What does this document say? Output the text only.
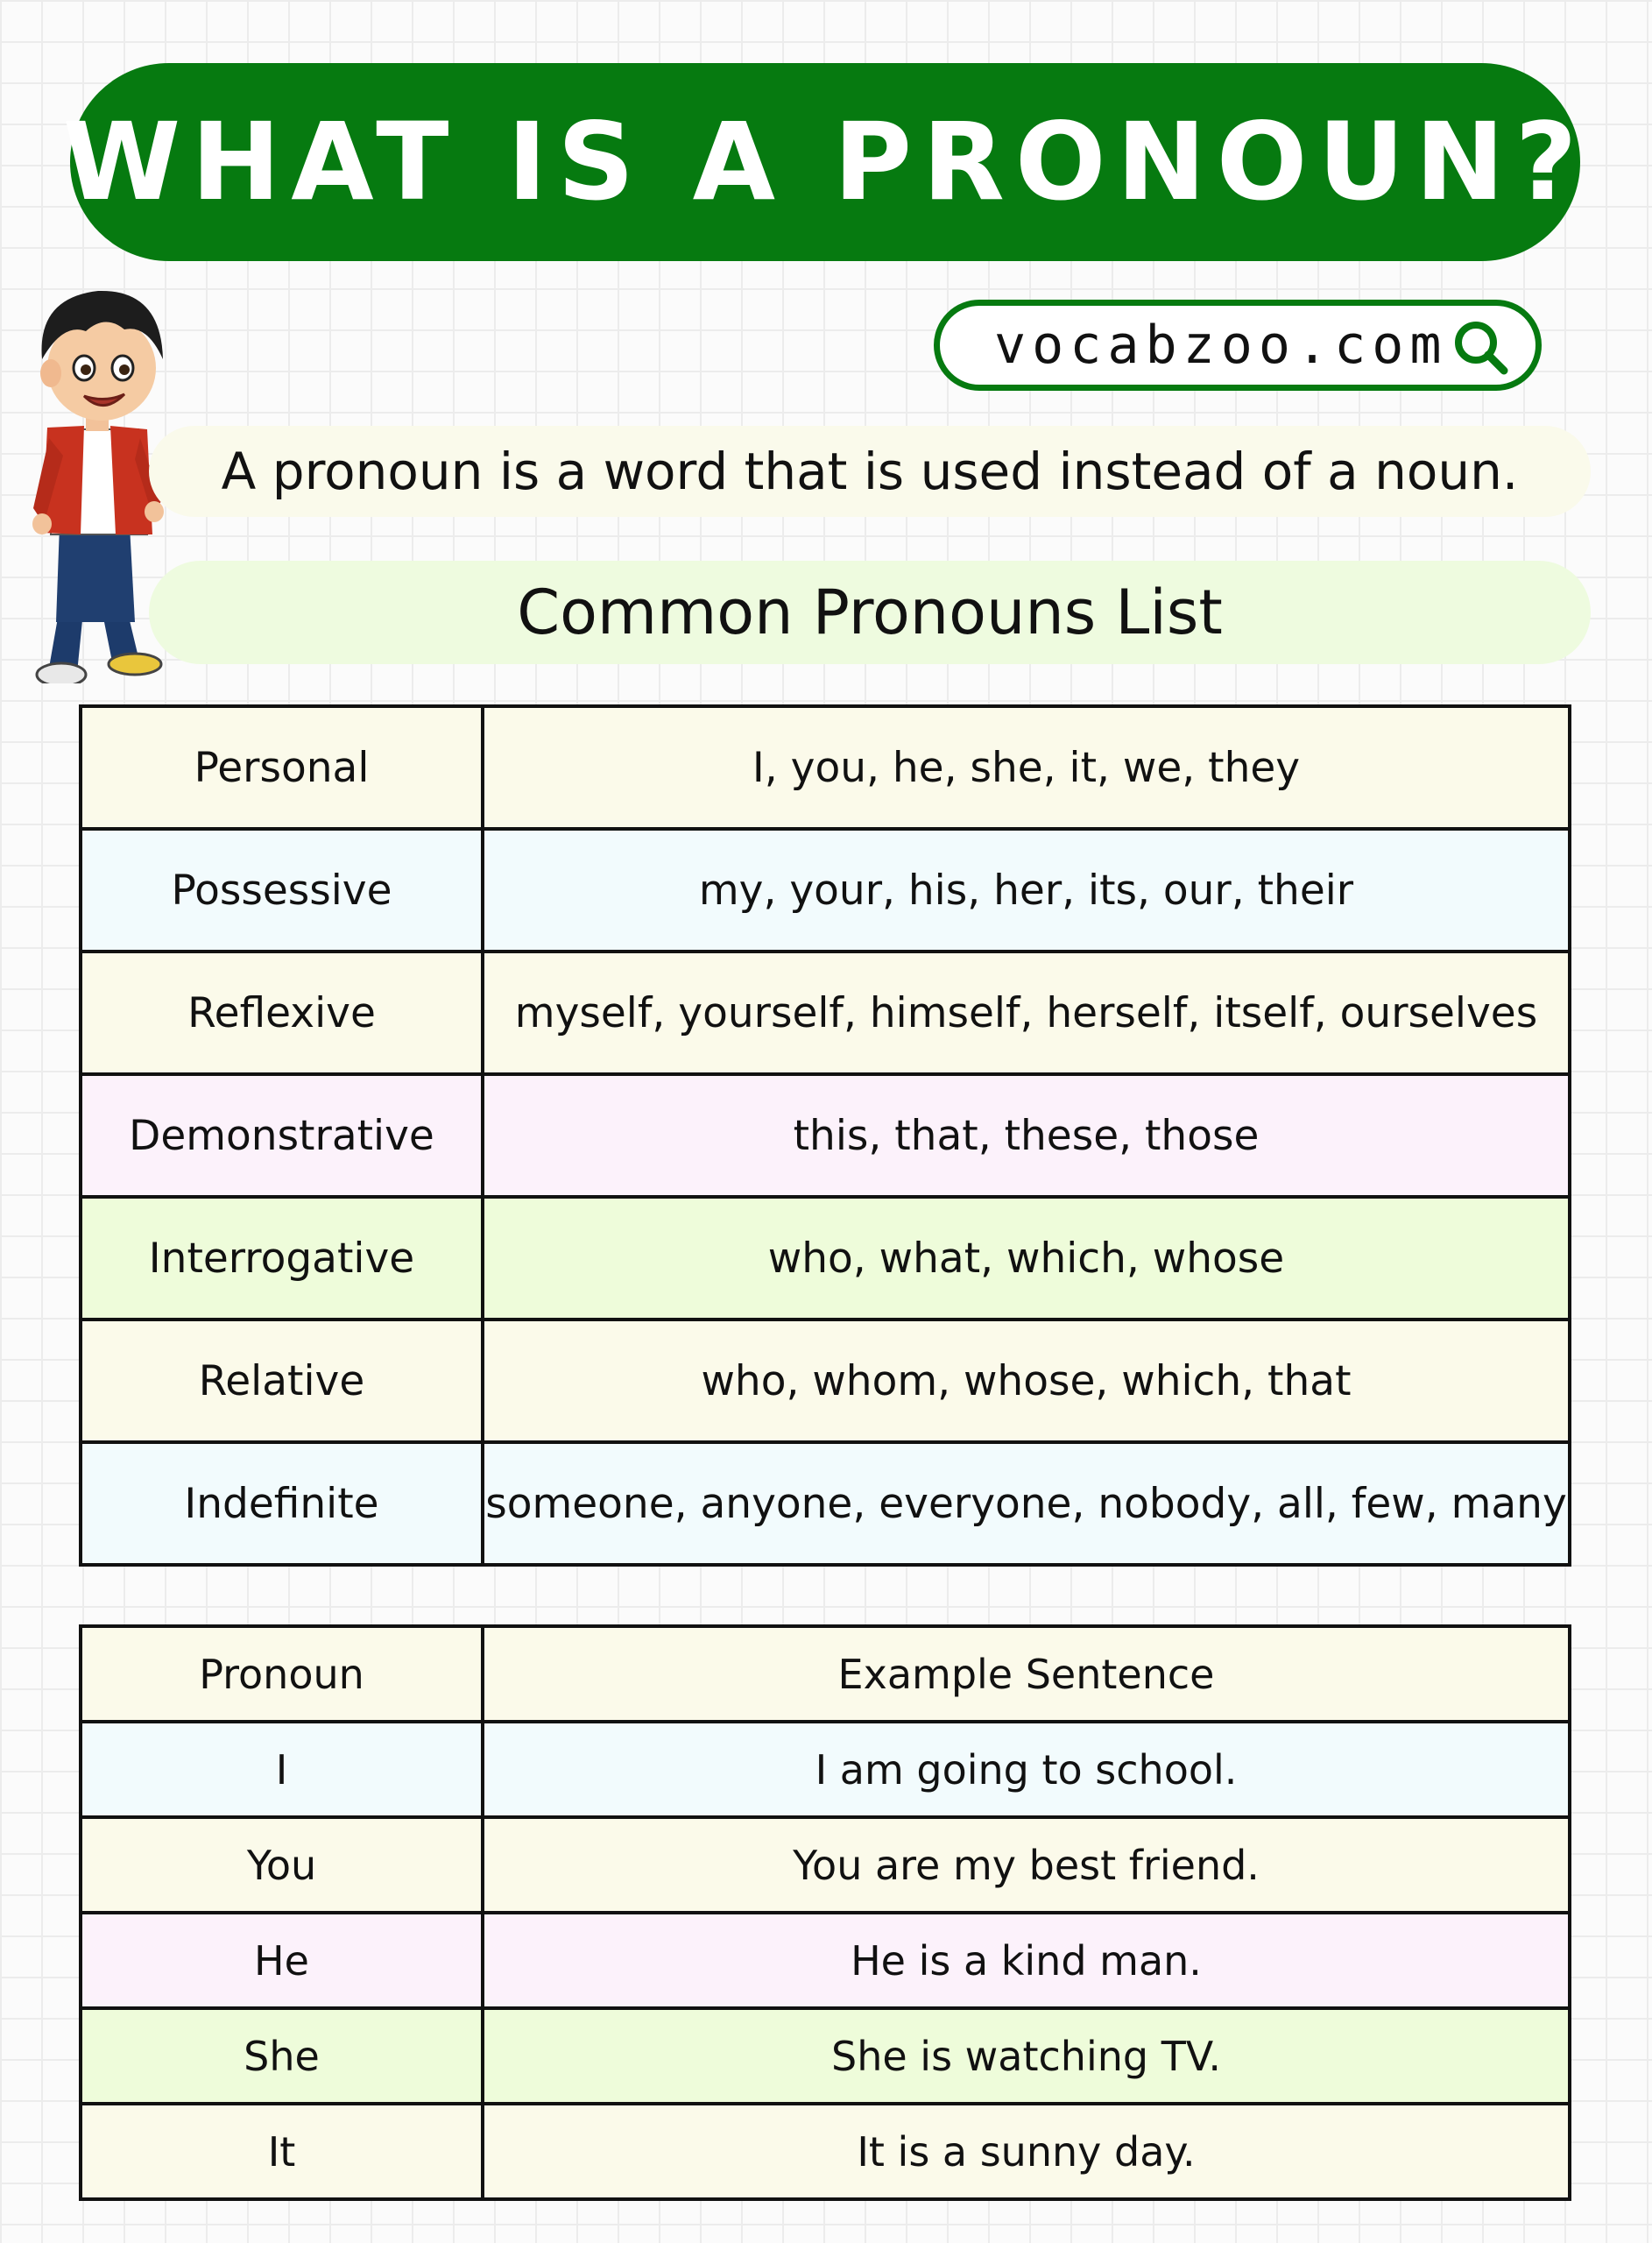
WHAT IS A PRONOUN?
vocabzoo.com
A pronoun is a word that is used instead of a noun.
Common Pronouns List
Personal	I, you, he, she, it, we, they
Possessive	my, your, his, her, its, our, their
Reflexive	myself, yourself, himself, herself, itself, ourselves
Demonstrative	this, that, these, those
Interrogative	who, what, which, whose
Relative	who, whom, whose, which, that
Indefinite	someone, anyone, everyone, nobody, all, few, many
Pronoun	Example Sentence
I	I am going to school.
You	You are my best friend.
He	He is a kind man.
She	She is watching TV.
It	It is a sunny day.
